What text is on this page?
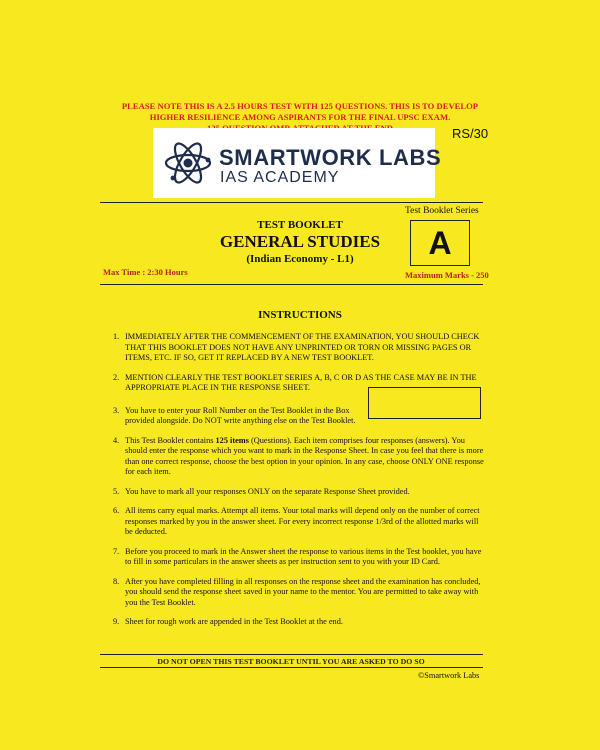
PLEASE NOTE THIS IS A 2.5 HOURS TEST WITH 125 QUESTIONS. THIS IS TO DEVELOP
HIGHER RESILIENCE AMONG ASPIRANTS FOR THE FINAL UPSC EXAM.
RS/30
SMARTWORK LABS
IAS ACADEMY
Test Booklet Series
A
TEST BOOKLET
GENERAL STUDIES
(Indian Economy - L1)
Max Time : 2:30 Hours	Maximum Marks - 250
INSTRUCTIONS
1. IMMEDIATELY AFTER THE COMMENCEMENT OF THE EXAMINATION, YOU SHOULD CHECK THAT THIS BOOKLET DOES NOT HAVE ANY UNPRINTED OR TORN OR MISSING PAGES OR ITEMS, ETC. IF SO, GET IT REPLACED BY A NEW TEST BOOKLET.
2. MENTION CLEARLY THE TEST BOOKLET SERIES A, B, C OR D AS THE CASE MAY BE IN THE APPROPRIATE PLACE IN THE RESPONSE SHEET.
3. You have to enter your Roll Number on the Test Booklet in the Box provided alongside. Do NOT write anything else on the Test Booklet.
4. This Test Booklet contains 125 items (Questions). Each item comprises four responses (answers). You should enter the response which you want to mark in the Response Sheet. In case you feel that there is more than one correct response, choose the best option in your opinion. In any case, choose ONLY ONE response for each item.
5. You have to mark all your responses ONLY on the separate Response Sheet provided.
6. All items carry equal marks. Attempt all items. Your total marks will depend only on the number of correct responses marked by you in the answer sheet. For every incorrect response 1/3rd of the allotted marks will be deducted.
7. Before you proceed to mark in the Answer sheet the response to various items in the Test booklet, you have to fill in some particulars in the answer sheets as per instruction sent to you with your ID Card.
8. After you have completed filling in all responses on the response sheet and the examination has concluded, you should send the response sheet saved in your name to the mentor. You are permitted to take away with you the Test Booklet.
9. Sheet for rough work are appended in the Test Booklet at the end.
DO NOT OPEN THIS TEST BOOKLET UNTIL YOU ARE ASKED TO DO SO
©Smartwork Labs
